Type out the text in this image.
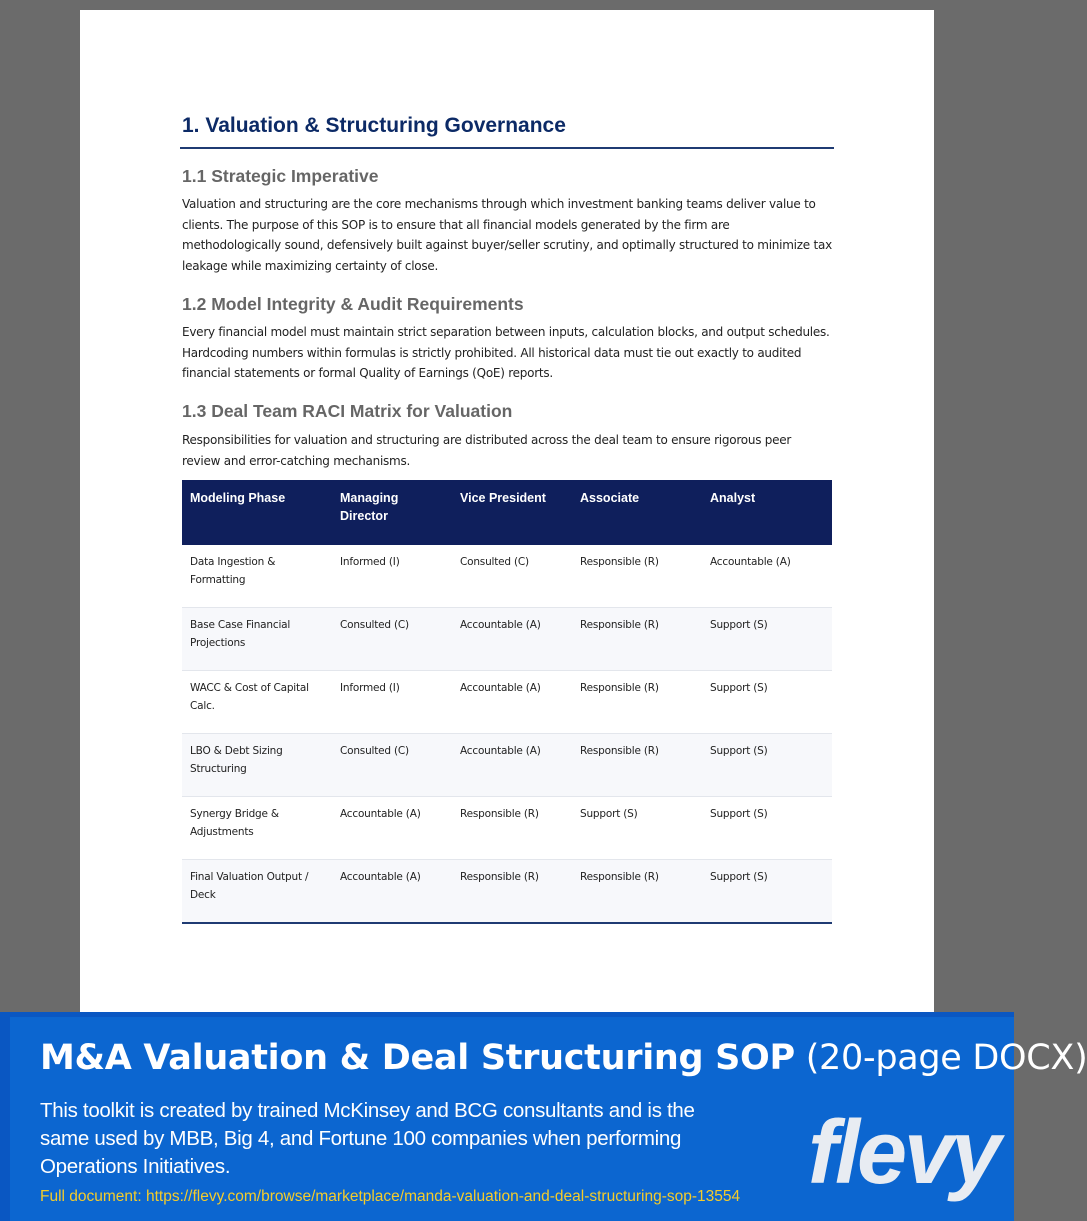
1. Valuation & Structuring Governance
1.1 Strategic Imperative

Valuation and structuring are the core mechanisms through which investment banking teams deliver value to clients. The purpose of this SOP is to ensure that all financial models generated by the firm are methodologically sound, defensively built against buyer/seller scrutiny, and optimally structured to minimize tax leakage while maximizing certainty of close.

1.2 Model Integrity & Audit Requirements

Every financial model must maintain strict separation between inputs, calculation blocks, and output schedules. Hardcoding numbers within formulas is strictly prohibited. All historical data must tie out exactly to audited financial statements or formal Quality of Earnings (QoE) reports.

1.3 Deal Team RACI Matrix for Valuation

Responsibilities for valuation and structuring are distributed across the deal team to ensure rigorous peer review and error-catching mechanisms.

Modeling Phase	Managing Director	Vice President	Associate	Analyst
Data Ingestion & Formatting	Informed (I)	Consulted (C)	Responsible (R)	Accountable (A)
Base Case Financial Projections	Consulted (C)	Accountable (A)	Responsible (R)	Support (S)
WACC & Cost of Capital Calc.	Informed (I)	Accountable (A)	Responsible (R)	Support (S)
LBO & Debt Sizing Structuring	Consulted (C)	Accountable (A)	Responsible (R)	Support (S)
Synergy Bridge & Adjustments	Accountable (A)	Responsible (R)	Support (S)	Support (S)
Final Valuation Output / Deck	Accountable (A)	Responsible (R)	Responsible (R)	Support (S)

M&A Valuation & Deal Structuring SOP (20-page DOCX)

This toolkit is created by trained McKinsey and BCG consultants and is the same used by MBB, Big 4, and Fortune 100 companies when performing Operations Initiatives.

Full document: https://flevy.com/browse/marketplace/manda-valuation-and-deal-structuring-sop-13554 flevy
